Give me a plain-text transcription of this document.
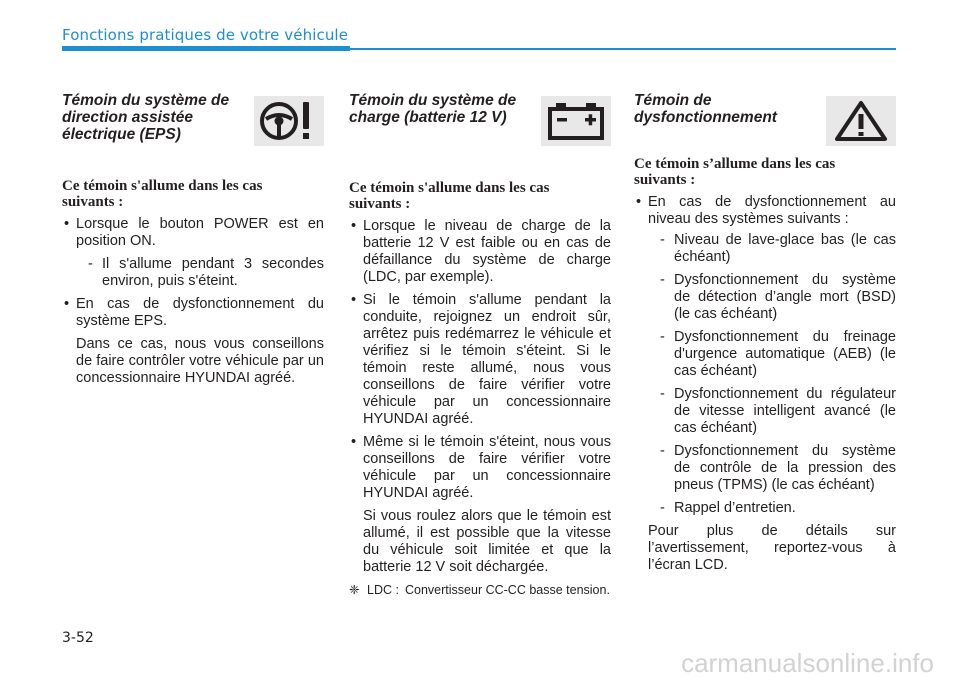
Fonctions pratiques de votre véhicule
Témoin du système de
direction assistée
électrique (EPS)
Ce témoin s'allume dans les cas
suivants :
• Lorsque le bouton POWER est en position ON.
- Il s'allume pendant 3 secondes environ, puis s'éteint.
• En cas de dysfonctionnement du système EPS.
Dans ce cas, nous vous conseillons de faire contrôler votre véhicule par un concessionnaire HYUNDAI agréé.
Témoin du système de
charge (batterie 12 V)
Ce témoin s'allume dans les cas
suivants :
• Lorsque le niveau de charge de la batterie 12 V est faible ou en cas de défaillance du système de charge (LDC, par exemple).
• Si le témoin s'allume pendant la conduite, rejoignez un endroit sûr, arrêtez puis redémarrez le véhicule et vérifiez si le témoin s'éteint. Si le témoin reste allumé, nous vous conseillons de faire vérifier votre véhicule par un concessionnaire HYUNDAI agréé.
• Même si le témoin s'éteint, nous vous conseillons de faire vérifier votre véhicule par un concessionnaire HYUNDAI agréé.
Si vous roulez alors que le témoin est allumé, il est possible que la vitesse du véhicule soit limitée et que la batterie 12 V soit déchargée.
❈ LDC : Convertisseur CC-CC basse tension.
Témoin de
dysfonctionnement
Ce témoin s’allume dans les cas
suivants :
• En cas de dysfonctionnement au niveau des systèmes suivants :
- Niveau de lave-glace bas (le cas échéant)
- Dysfonctionnement du système de détection d’angle mort (BSD) (le cas échéant)
- Dysfonctionnement du freinage d'urgence automatique (AEB) (le cas échéant)
- Dysfonctionnement du régulateur de vitesse intelligent avancé (le cas échéant)
- Dysfonctionnement du système de contrôle de la pression des pneus (TPMS) (le cas échéant)
- Rappel d’entretien.
Pour plus de détails sur l’avertissement, reportez-vous à l’écran LCD.
3-52
carmanualsonline.info
